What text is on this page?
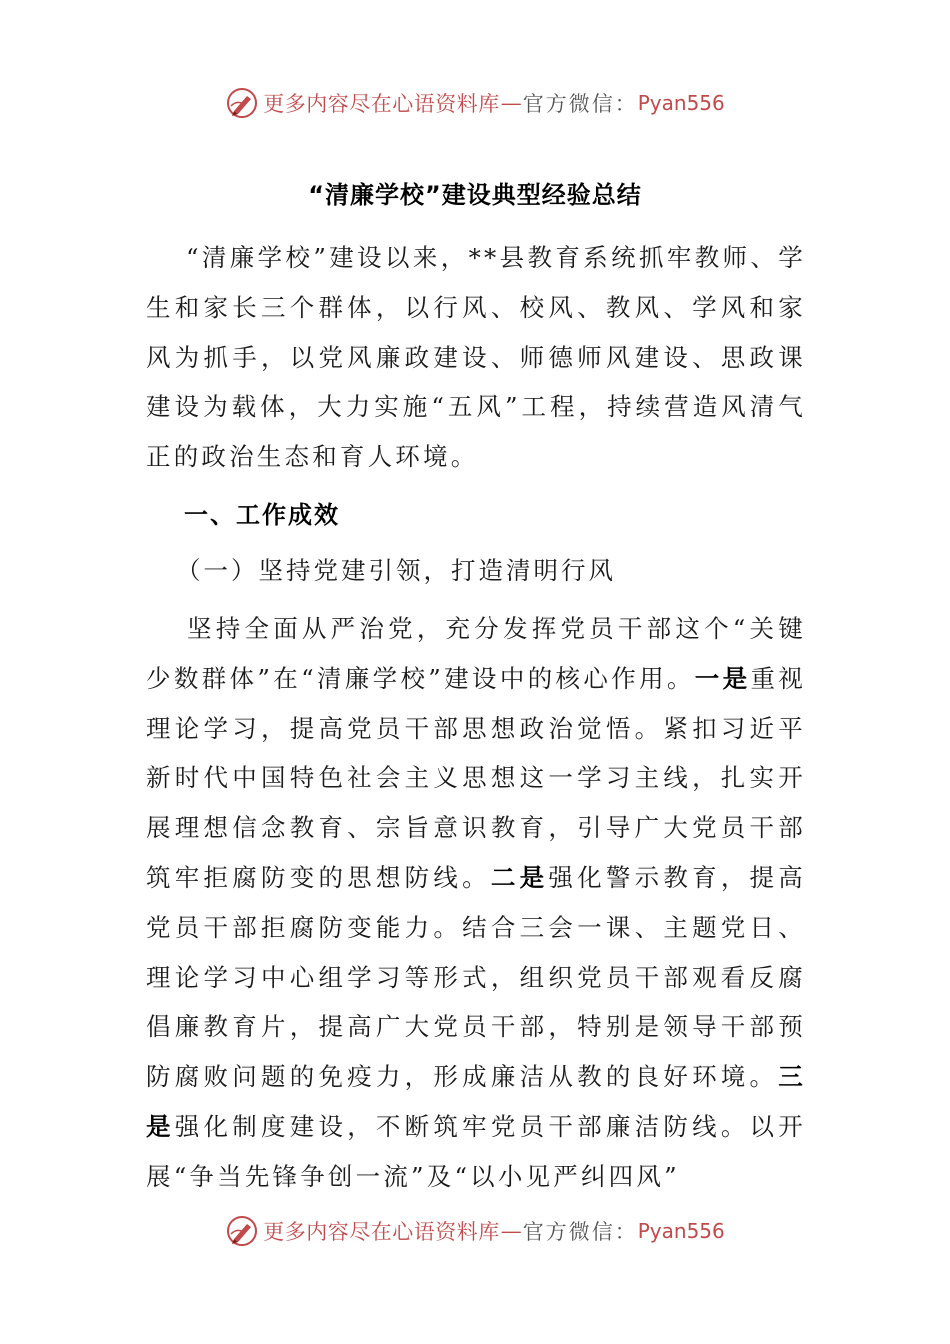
更多内容尽在心语资料库 — 官方微信： Pyan556
“清廉学校”建设典型经验总结
“清廉学校”建设以来，**县教育系统抓牢教师、学生和家长三个群体，以行风、校风、教风、学风和家风为抓手，以党风廉政建设、师德师风建设、思政课建设为载体，大力实施“五风”工程，持续营造风清气正的政治生态和育人环境。
一、工作成效
（一）坚持党建引领，打造清明行风
坚持全面从严治党，充分发挥党员干部这个“关键少数群体”在“清廉学校”建设中的核心作用。一是重视理论学习，提高党员干部思想政治觉悟。紧扣习近平新时代中国特色社会主义思想这一学习主线，扎实开展理想信念教育、宗旨意识教育，引导广大党员干部筑牢拒腐防变的思想防线。二是强化警示教育，提高党员干部拒腐防变能力。结合三会一课、主题党日、理论学习中心组学习等形式，组织党员干部观看反腐倡廉教育片，提高广大党员干部，特别是领导干部预防腐败问题的免疫力，形成廉洁从教的良好环境。三是强化制度建设，不断筑牢党员干部廉洁防线。以开展“争当先锋争创一流”及“以小见严纠四风”
更多内容尽在心语资料库 — 官方微信： Pyan556
